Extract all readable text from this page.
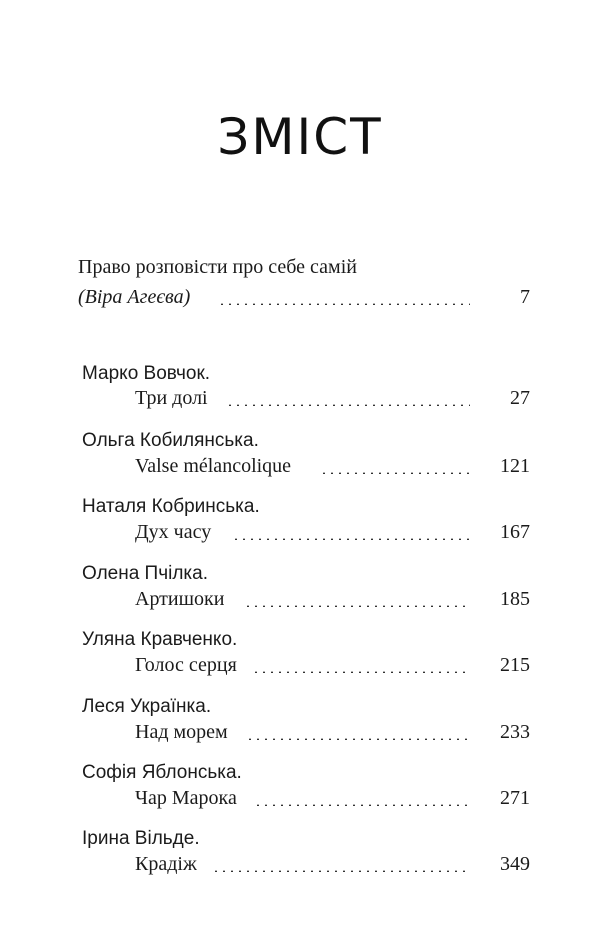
ЗМІСТ
Право розповісти про себе самій
(Віра Агеєва)	7
Марко Вовчок.
Три долі	27
Ольга Кобилянська.
Valse mélancolique	121
Наталя Кобринська.
Дух часу	167
Олена Пчілка.
Артишоки	185
Уляна Кравченко.
Голос серця	215
Леся Українка.
Над морем	233
Софія Яблонська.
Чар Марока	271
Ірина Вільде.
Крадіж	349
